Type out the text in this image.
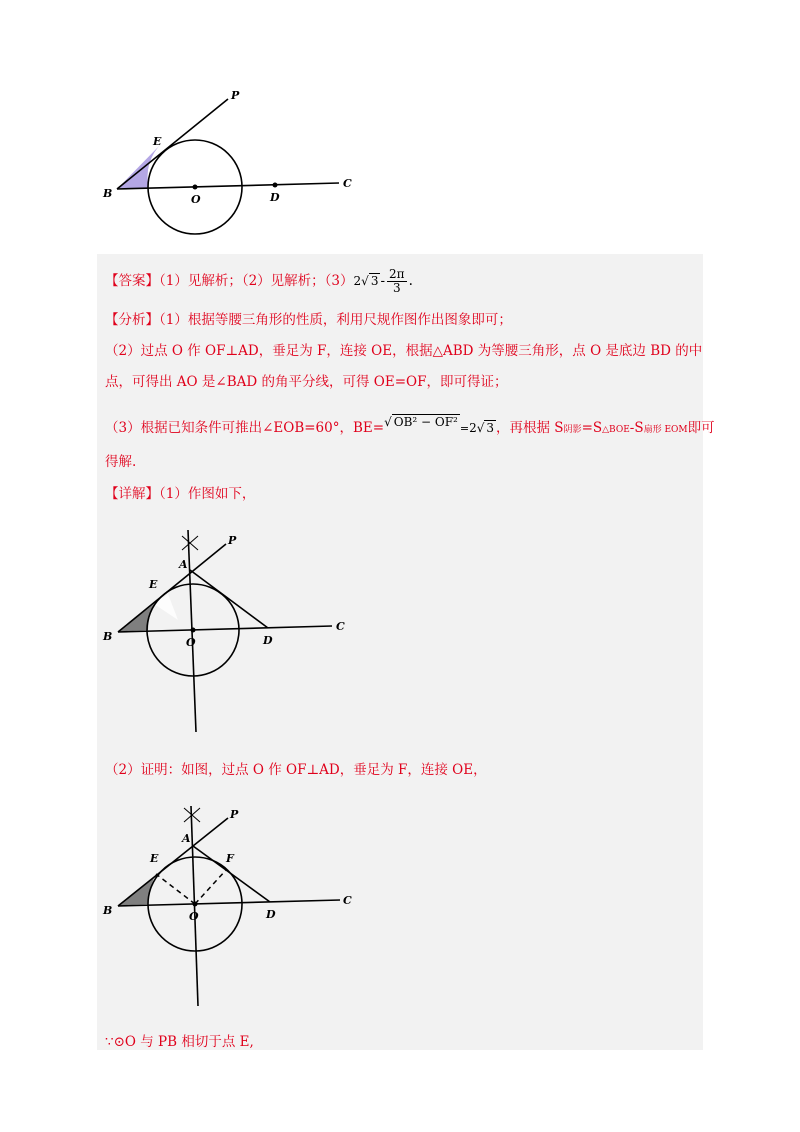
P
E
B	O	D
C
【答案】（1）见解析；（2）见解析；（3）2√ $3 - \frac{2\pi}{3}$ .
【分析】（1）根据等腰三角形的性质，利用尺规作图作出图象即可；
（2）过点 O 作 OF⊥AD，垂足为 F，连接 OE，根据△ABD 为等腰三角形，点 O 是底边 BD 的中
点，可得出 AO 是∠BAD 的角平分线，可得 OE=OF，即可得证；
（3）根据已知条件可推出∠EOB=60°，BE=√ OB² − OF² =2√ 3 ，再根据 S阴影=S△BOE-S扇形 EOM即可
得解.
【详解】（1）作图如下，
P
A
E
B	O	D
C
（2）证明：如图，过点 O 作 OF⊥AD，垂足为 F，连接 OE，
P
A
E	F
B	O	D
C
∵⊙O 与 PB 相切于点 E,
